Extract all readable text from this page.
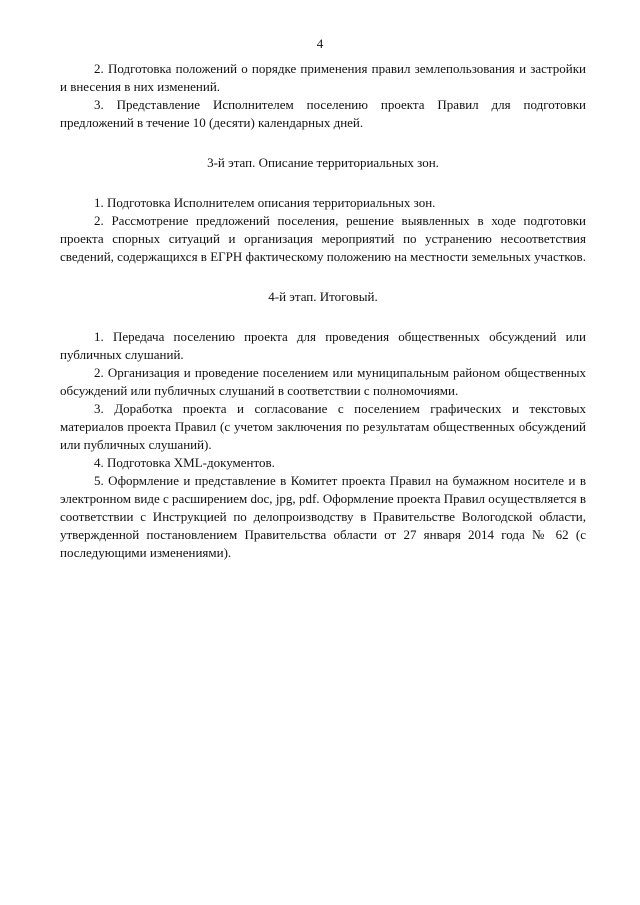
4

2. Подготовка положений о порядке применения правил землепользования и застройки и внесения в них изменений.

3. Представление Исполнителем поселению проекта Правил для подготовки предложений в течение 10 (десяти) календарных дней.

3-й этап. Описание территориальных зон.

1. Подготовка Исполнителем описания территориальных зон.

2. Рассмотрение предложений поселения, решение выявленных в ходе подготовки проекта спорных ситуаций и организация мероприятий по устранению несоответствия сведений, содержащихся в ЕГРН фактическому положению на местности земельных участков.

4-й этап. Итоговый.

1. Передача поселению проекта для проведения общественных обсуждений или публичных слушаний.

2. Организация и проведение поселением или муниципальным районом общественных обсуждений или публичных слушаний в соответствии с полномочиями.

3. Доработка проекта и согласование с поселением графических и текстовых материалов проекта Правил (с учетом заключения по результатам общественных обсуждений или публичных слушаний).

4. Подготовка XML-документов.

5. Оформление и представление в Комитет проекта Правил на бумажном носителе и в электронном виде с расширением doc, jpg, pdf. Оформление проекта Правил осуществляется в соответствии с Инструкцией по делопроизводству в Правительстве Вологодской области, утвержденной постановлением Правительства области от 27 января 2014 года № 62 (с последующими изменениями).
